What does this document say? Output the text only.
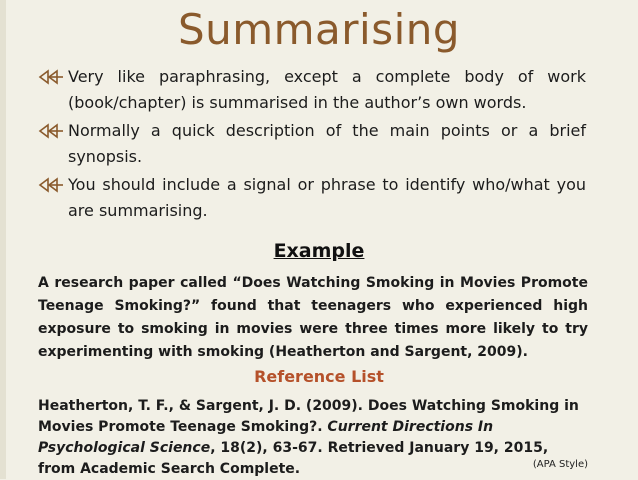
Summarising
Very like paraphrasing, except a complete body of work (book/chapter) is summarised in the author’s own words.
Normally a quick description of the main points or a brief synopsis.
You should include a signal or phrase to identify who/what you are summarising.
Example
A research paper called “Does Watching Smoking in Movies Promote Teenage Smoking?” found that teenagers who experienced high exposure to smoking in movies were three times more likely to try experimenting with smoking (Heatherton and Sargent, 2009).
Reference List
Heatherton, T. F., & Sargent, J. D. (2009). Does Watching Smoking in Movies Promote Teenage Smoking?. Current Directions In Psychological Science, 18(2), 63-67. Retrieved January 19, 2015, from Academic Search Complete.	(APA Style)
